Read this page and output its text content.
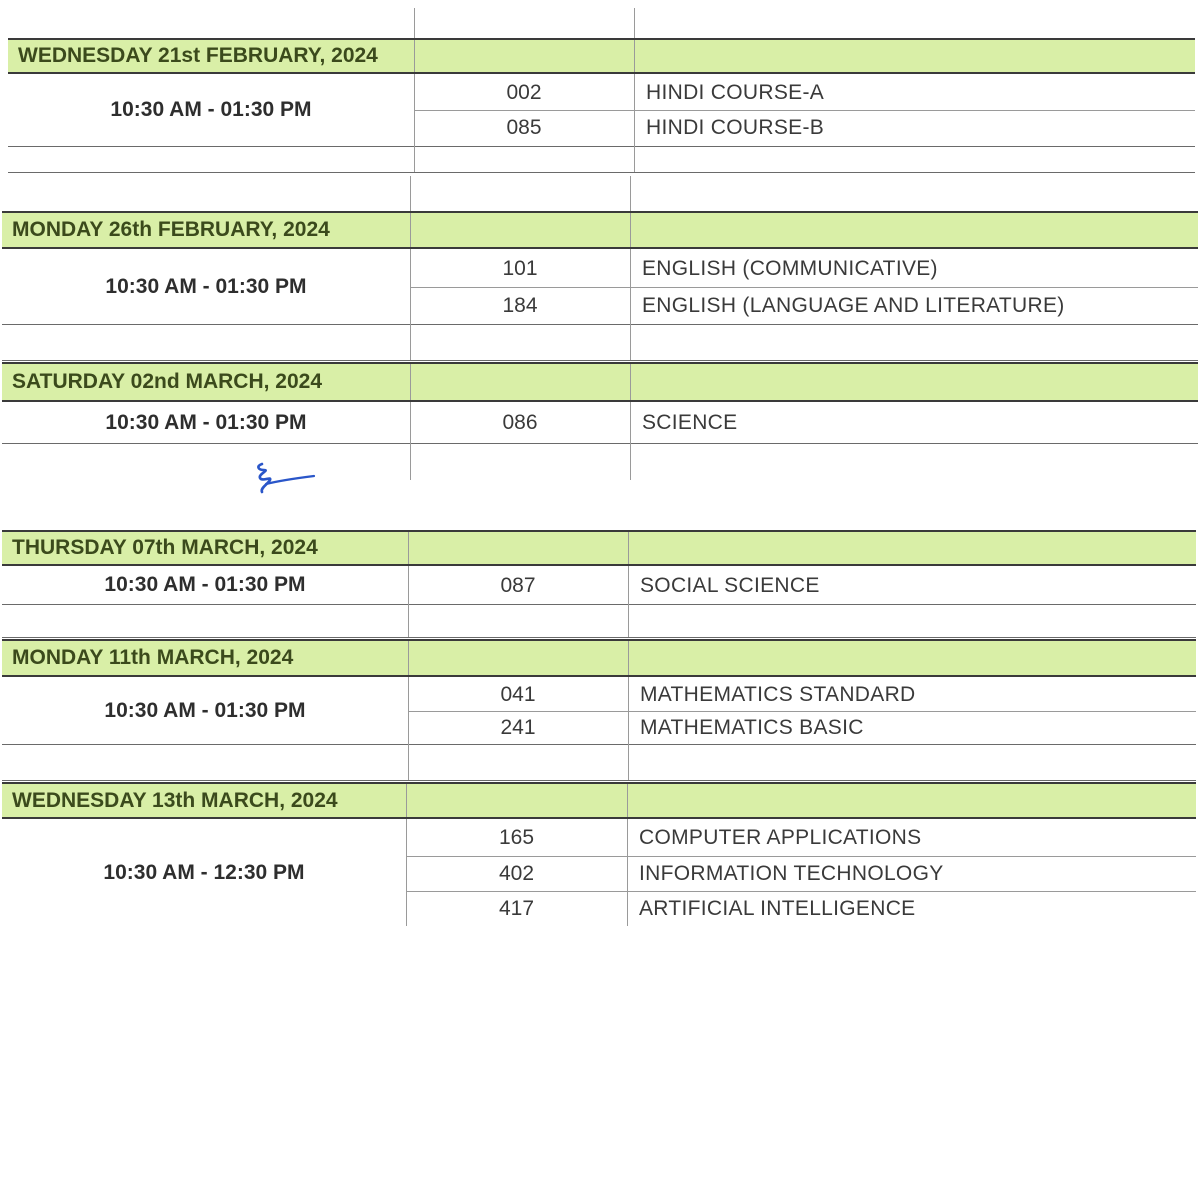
WEDNESDAY 21st FEBRUARY, 2024
10:30 AM - 01:30 PM
002	HINDI COURSE-A
085	HINDI COURSE-B
MONDAY 26th FEBRUARY, 2024
10:30 AM - 01:30 PM
101	ENGLISH (COMMUNICATIVE)
184	ENGLISH (LANGUAGE AND LITERATURE)
SATURDAY 02nd MARCH, 2024
10:30 AM - 01:30 PM	086	SCIENCE
THURSDAY 07th MARCH, 2024
10:30 AM - 01:30 PM	087	SOCIAL SCIENCE
MONDAY 11th MARCH, 2024
10:30 AM - 01:30 PM
041	MATHEMATICS STANDARD
241	MATHEMATICS BASIC
WEDNESDAY 13th MARCH, 2024
10:30 AM - 12:30 PM
165	COMPUTER APPLICATIONS
402	INFORMATION TECHNOLOGY
417	ARTIFICIAL INTELLIGENCE
